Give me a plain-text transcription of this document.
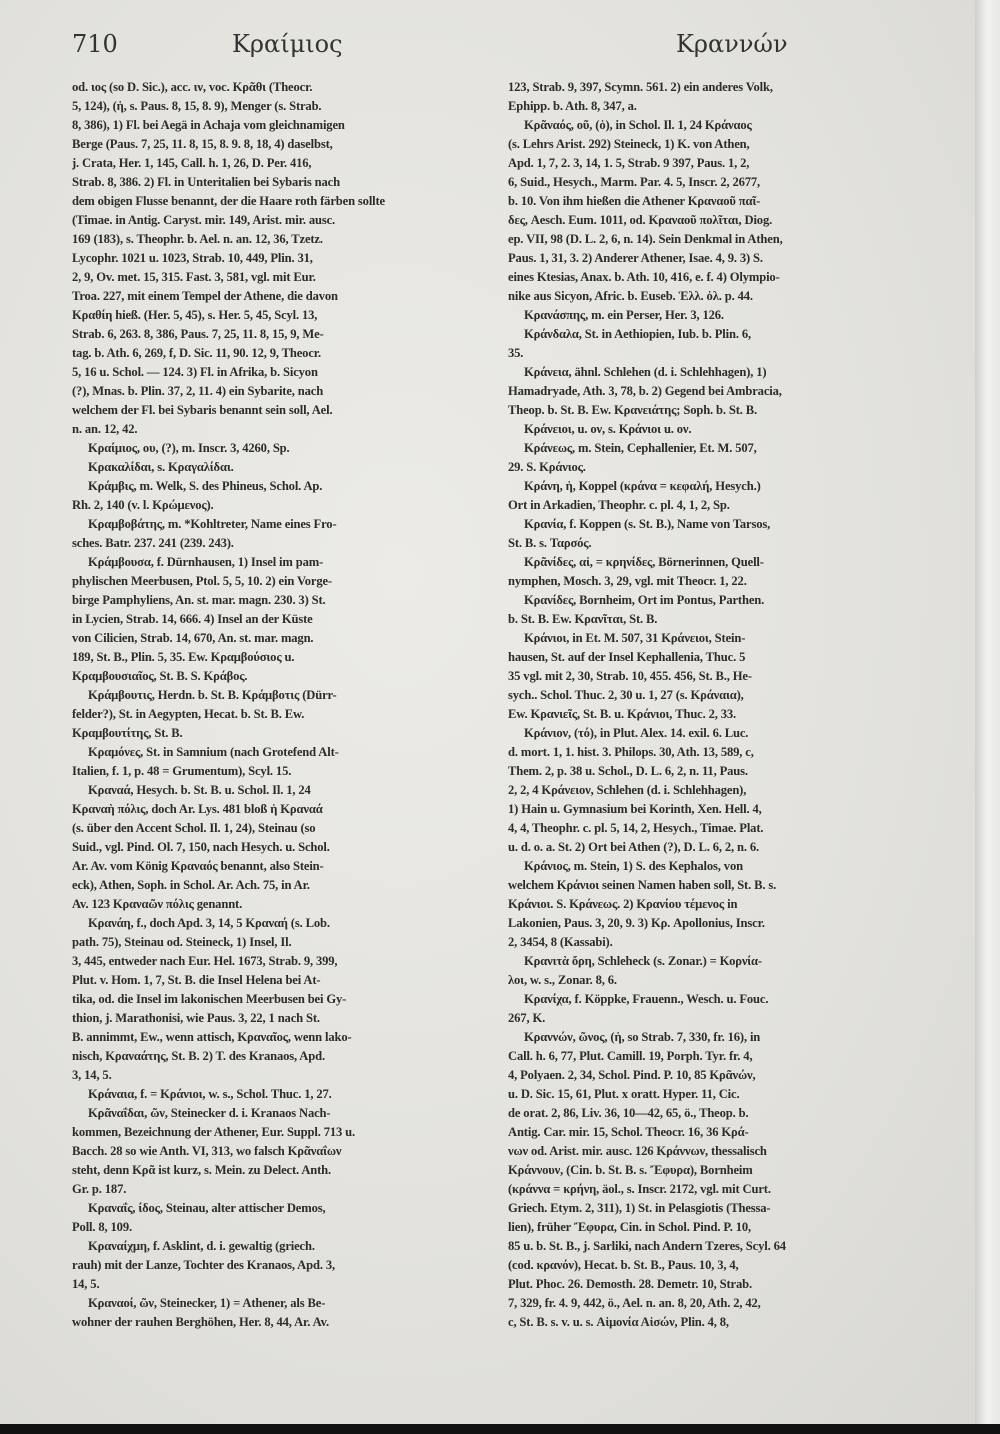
710	Κραίμιος	Κραννών
od. ιος (so D. Sic.), acc. ιν, voc. Κρᾶθι (Theocr.
5, 124), (ἡ, s. Paus. 8, 15, 8. 9), Menger (s. Strab.
8, 386), 1) Fl. bei Aegä in Achaja vom gleichnamigen
Berge (Paus. 7, 25, 11. 8, 15, 8. 9. 8, 18, 4) daselbst,
j. Crata, Her. 1, 145, Call. h. 1, 26, D. Per. 416,
Strab. 8, 386. 2) Fl. in Unteritalien bei Sybaris nach
dem obigen Flusse benannt, der die Haare roth färben sollte
(Timae. in Antig. Caryst. mir. 149, Arist. mir. ausc.
169 (183), s. Theophr. b. Ael. n. an. 12, 36, Tzetz.
Lycophr. 1021 u. 1023, Strab. 10, 449, Plin. 31,
2, 9, Ov. met. 15, 315. Fast. 3, 581, vgl. mit Eur.
Troa. 227, mit einem Tempel der Athene, die davon
Κραθίη hieß. (Her. 5, 45), s. Her. 5, 45, Scyl. 13,
Strab. 6, 263. 8, 386, Paus. 7, 25, 11. 8, 15, 9, Me-
tag. b. Ath. 6, 269, f, D. Sic. 11, 90. 12, 9, Theocr.
5, 16 u. Schol. — 124. 3) Fl. in Afrika, b. Sicyon
(?), Mnas. b. Plin. 37, 2, 11. 4) ein Sybarite, nach
welchem der Fl. bei Sybaris benannt sein soll, Ael.
n. an. 12, 42.
Κραίμιος, ου, (?), m. Inscr. 3, 4260, Sp.
Κρακαλίδαι, s. Κραγαλίδαι.
Κράμβις, m. Welk, S. des Phineus, Schol. Ap.
Rh. 2, 140 (v. l. Κρώμενος).
Κραμβοβάτης, m. *Kohltreter, Name eines Fro-
sches. Batr. 237. 241 (239. 243).
Κράμβουσα, f. Dürnhausen, 1) Insel im pam-
phylischen Meerbusen, Ptol. 5, 5, 10. 2) ein Vorge-
birge Pamphyliens, An. st. mar. magn. 230. 3) St.
in Lycien, Strab. 14, 666. 4) Insel an der Küste
von Cilicien, Strab. 14, 670, An. st. mar. magn.
189, St. B., Plin. 5, 35. Ew. Κραμβούσιος u.
Κραμβουσιαῖος, St. B. S. Κράβος.
Κράμβουτις, Herdn. b. St. B. Κράμβοτις (Dürr-
felder?), St. in Aegypten, Hecat. b. St. B. Ew.
Κραμβουτίτης, St. B.
Κραμόνες, St. in Samnium (nach Grotefend Alt-
Italien, f. 1, p. 48 = Grumentum), Scyl. 15.
Κραναά, Hesych. b. St. B. u. Schol. Il. 1, 24
Κραναὴ πόλις, doch Ar. Lys. 481 bloß ἡ Κραναά
(s. über den Accent Schol. Il. 1, 24), Steinau (so
Suid., vgl. Pind. Ol. 7, 150, nach Hesych. u. Schol.
Ar. Av. vom König Κραναός benannt, also Stein-
eck), Athen, Soph. in Schol. Ar. Ach. 75, in Ar.
Av. 123 Κραναῶν πόλις genannt.
Κρανάη, f., doch Apd. 3, 14, 5 Κραναή (s. Lob.
path. 75), Steinau od. Steineck, 1) Insel, Il.
3, 445, entweder nach Eur. Hel. 1673, Strab. 9, 399,
Plut. v. Hom. 1, 7, St. B. die Insel Helena bei At-
tika, od. die Insel im lakonischen Meerbusen bei Gy-
thion, j. Marathonisi, wie Paus. 3, 22, 1 nach St.
B. annimmt, Ew., wenn attisch, Κραναῖος, wenn lako-
nisch, Κραναάτης, St. B. 2) T. des Kranaos, Apd.
3, 14, 5.
Κράναια, f. = Κράνιοι, w. s., Schol. Thuc. 1, 27.
Κρᾶναΐδαι, ῶν, Steinecker d. i. Kranaos Nach-
kommen, Bezeichnung der Athener, Eur. Suppl. 713 u.
Bacch. 28 so wie Anth. VI, 313, wo falsch Κρᾶναΐων
steht, denn Κρᾶ ist kurz, s. Mein. zu Delect. Anth.
Gr. p. 187.
Κραναΐς, ίδος, Steinau, alter attischer Demos,
Poll. 8, 109.
Κραναίχμη, f. Asklint, d. i. gewaltig (griech.
rauh) mit der Lanze, Tochter des Kranaos, Apd. 3,
14, 5.
Κραναοί, ῶν, Steinecker, 1) = Athener, als Be-
wohner der rauhen Berghöhen, Her. 8, 44, Ar. Av.
123, Strab. 9, 397, Scymn. 561. 2) ein anderes Volk,
Ephipp. b. Ath. 8, 347, a.
Κρᾶναός, οῦ, (ὁ), in Schol. Il. 1, 24 Κράναος
(s. Lehrs Arist. 292) Steineck, 1) K. von Athen,
Apd. 1, 7, 2. 3, 14, 1. 5, Strab. 9 397, Paus. 1, 2,
6, Suid., Hesych., Marm. Par. 4. 5, Inscr. 2, 2677,
b. 10. Von ihm hießen die Athener Κραναοῦ παῖ-
δες, Aesch. Eum. 1011, od. Κραναοῦ πολῖται, Diog.
ep. VII, 98 (D. L. 2, 6, n. 14). Sein Denkmal in Athen,
Paus. 1, 31, 3. 2) Anderer Athener, Isae. 4, 9. 3) S.
eines Ktesias, Anax. b. Ath. 10, 416, e. f. 4) Olympio-
nike aus Sicyon, Afric. b. Euseb. Ἑλλ. ὀλ. p. 44.
Κρανάσπης, m. ein Perser, Her. 3, 126.
Κράνδαλα, St. in Aethiopien, Iub. b. Plin. 6,
35.
Κράνεια, ähnl. Schlehen (d. i. Schlehhagen), 1)
Hamadryade, Ath. 3, 78, b. 2) Gegend bei Ambracia,
Theop. b. St. B. Ew. Κρανειάτης; Soph. b. St. B.
Κράνειοι, u. ον, s. Κράνιοι u. ον.
Κράνεως, m. Stein, Cephallenier, Et. M. 507,
29. S. Κράνιος.
Κράνη, ἡ, Koppel (κράνα = κεφαλή, Hesych.)
Ort in Arkadien, Theophr. c. pl. 4, 1, 2, Sp.
Κρανία, f. Koppen (s. St. B.), Name von Tarsos,
St. B. s. Ταρσός.
Κρᾶνίδες, αἱ, = κρηνίδες, Börnerinnen, Quell-
nymphen, Mosch. 3, 29, vgl. mit Theocr. 1, 22.
Κρανίδες, Bornheim, Ort im Pontus, Parthen.
b. St. B. Ew. Κρανῖται, St. B.
Κράνιοι, in Et. M. 507, 31 Κράνειοι, Stein-
hausen, St. auf der Insel Kephallenia, Thuc. 5
35 vgl. mit 2, 30, Strab. 10, 455. 456, St. B., He-
sych.. Schol. Thuc. 2, 30 u. 1, 27 (s. Κράναια),
Ew. Κρανιεῖς, St. B. u. Κράνιοι, Thuc. 2, 33.
Κράνιον, (τό), in Plut. Alex. 14. exil. 6. Luc.
d. mort. 1, 1. hist. 3. Philops. 30, Ath. 13, 589, c,
Them. 2, p. 38 u. Schol., D. L. 6, 2, n. 11, Paus.
2, 2, 4 Κράνειον, Schlehen (d. i. Schlehhagen),
1) Hain u. Gymnasium bei Korinth, Xen. Hell. 4,
4, 4, Theophr. c. pl. 5, 14, 2, Hesych., Timae. Plat.
u. d. o. a. St. 2) Ort bei Athen (?), D. L. 6, 2, n. 6.
Κράνιος, m. Stein, 1) S. des Kephalos, von
welchem Κράνιοι seinen Namen haben soll, St. B. s.
Κράνιοι. S. Κράνεως. 2) Κρανίου τέμενος in
Lakonien, Paus. 3, 20, 9. 3) Κρ. Apollonius, Inscr.
2, 3454, 8 (Kassabi).
Κρανιτὰ ὄρη, Schleheck (s. Zonar.) = Κορνία-
λοι, w. s., Zonar. 8, 6.
Κρανίχα, f. Köppke, Frauenn., Wesch. u. Fouc.
267, K.
Κραννών, ῶνος, (ἡ, so Strab. 7, 330, fr. 16), in
Call. h. 6, 77, Plut. Camill. 19, Porph. Tyr. fr. 4,
4, Polyaen. 2, 34, Schol. Pind. P. 10, 85 Κρᾶνών,
u. D. Sic. 15, 61, Plut. x oratt. Hyper. 11, Cic.
de orat. 2, 86, Liv. 36, 10—42, 65, ö., Theop. b.
Antig. Car. mir. 15, Schol. Theocr. 16, 36 Κρά-
νων od. Arist. mir. ausc. 126 Κράννων, thessalisch
Κράννουν, (Cin. b. St. B. s. Ἔφυρα), Bornheim
(κράννα = κρήνη, äol., s. Inscr. 2172, vgl. mit Curt.
Griech. Etym. 2, 311), 1) St. in Pelasgiotis (Thessa-
lien), früher Ἔφυρα, Cin. in Schol. Pind. P. 10,
85 u. b. St. B., j. Sarliki, nach Andern Tzeres, Scyl. 64
(cod. κρανόν), Hecat. b. St. B., Paus. 10, 3, 4,
Plut. Phoc. 26. Demosth. 28. Demetr. 10, Strab.
7, 329, fr. 4. 9, 442, ö., Ael. n. an. 8, 20, Ath. 2, 42,
c, St. B. s. v. u. s. Αἱμονία Αἰσών, Plin. 4, 8,
